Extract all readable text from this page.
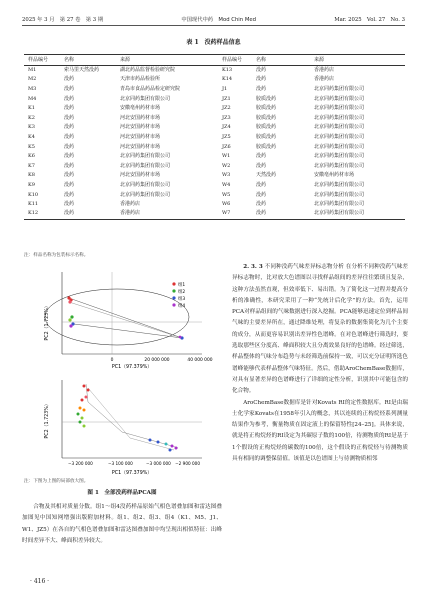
2025 年 3 月　第 27 卷　第 3 期	中国现代中药　Mod Chin Med	Mar. 2025　Vol. 27　No. 3
表 1　没药样品信息
样品编号	名称	来源	样品编号	名称	来源
M1	索马里天然没药	湖北药品监督检验研究院	K13	没药	香港药店
M2	没药	天津市药品检验所	K14	没药	香港药店
M3	没药	青岛市食品药品检定研究院	J1	没药	北京同药集团有限公司
M4	没药	北京同药集团有限公司	JZ1	胶质没药	北京同药集团有限公司
K1	没药	安徽亳州药材市场	JZ2	胶质没药	北京同药集团有限公司
K2	没药	河北安国药材市场	JZ3	胶质没药	北京同药集团有限公司
K3	没药	河北安国药材市场	JZ4	胶质没药	北京同药集团有限公司
K4	没药	河北安国药材市场	JZ5	胶质没药	北京同药集团有限公司
K5	没药	河北安国药材市场	JZ6	胶质没药	北京同药集团有限公司
K6	没药	北京同药集团有限公司	W1	没药	北京同药集团有限公司
K7	没药	北京同药集团有限公司	W2	没药	北京同药集团有限公司
K8	没药	河北安国药材市场	W3	天然没药	安徽亳州药材市场
K9	没药	北京同药集团有限公司	W4	没药	北京同药集团有限公司
K10	没药	北京同药集团有限公司	W5	没药	北京同药集团有限公司
K11	没药	香港药店	W6	没药	北京同药集团有限公司
K12	没药	香港药店	W7	没药	北京同药集团有限公司
注：样品名称为包装标示名称。
PC2（1.723%）
PC1（97.379%）
0	20 000 000	40 000 000
组1
组2
组3
组4
PC2（1.723%）
PC1（97.379%）
−3 200 000	−3 100 000	−3 000 000 −2 900 000
注：下图为上图的局部放大图。
图 1　全部没药样品PCA图

合物及其相对质量分数。组1～组4没药样品原始气相色谱叠加图和雷达图叠加图见中国知网增强出版附加材料。组1、组2、组3、组4（K1、M5、J1、W1、JZ5）在各自的气相色谱叠加图和雷达图叠加图中均呈现出相似特征：出峰时间差异不大、峰面积差异较大。

2. 3. 3 不同种没药气味差异标志物分析 在分析不同种没药气味差异标志物时，比对放大色谱图以寻找样品组间的差异往往繁琐且复杂，这种方法虽然直观，但效率低下、易出错。为了简化这一过程并提高分析的准确性，本研究采用了一种“先统计后化学”的方法。首先，运用PCA对样品组间的气味数据进行深入挖掘。PCA能够迅速定位到样品间气味的主要差异所在，通过降维处理，将复杂的数据集简化为几个主要的成分，从而更容易识别出差异性色谱峰。在对色谱峰进行筛选时，要选取那些区分度高、峰面积较大且分离效果良好的色谱峰。经过筛选，样品整体的气味分布趋势与未经筛选前保持一致，可以充分证明所选色谱峰能够代表样品整体气味特征。然后，借助AroChemBase数据库，对具有显著差异的色谱峰进行了详细的定性分析，识别其中可能包含的化合物。

AroChemBase数据库是针对Kovats RI的定性数据库。RI是由瑞士化学家Kovats在1958年引入的概念，其以连续的正构烷烃系列测量结果作为参考，衡量物质在固定液上的保留特性[24–25]。具体来说，就是将正构烷烃的RI设定为其碳原子数的100倍，待测物质的RI是基于1个假设的正构烷烃的碳数的100倍，这个假设的正构烷烃与待测物质具有相同的调整保留值。该值是以色谱图上与待测物质相邻

· 416 ·
